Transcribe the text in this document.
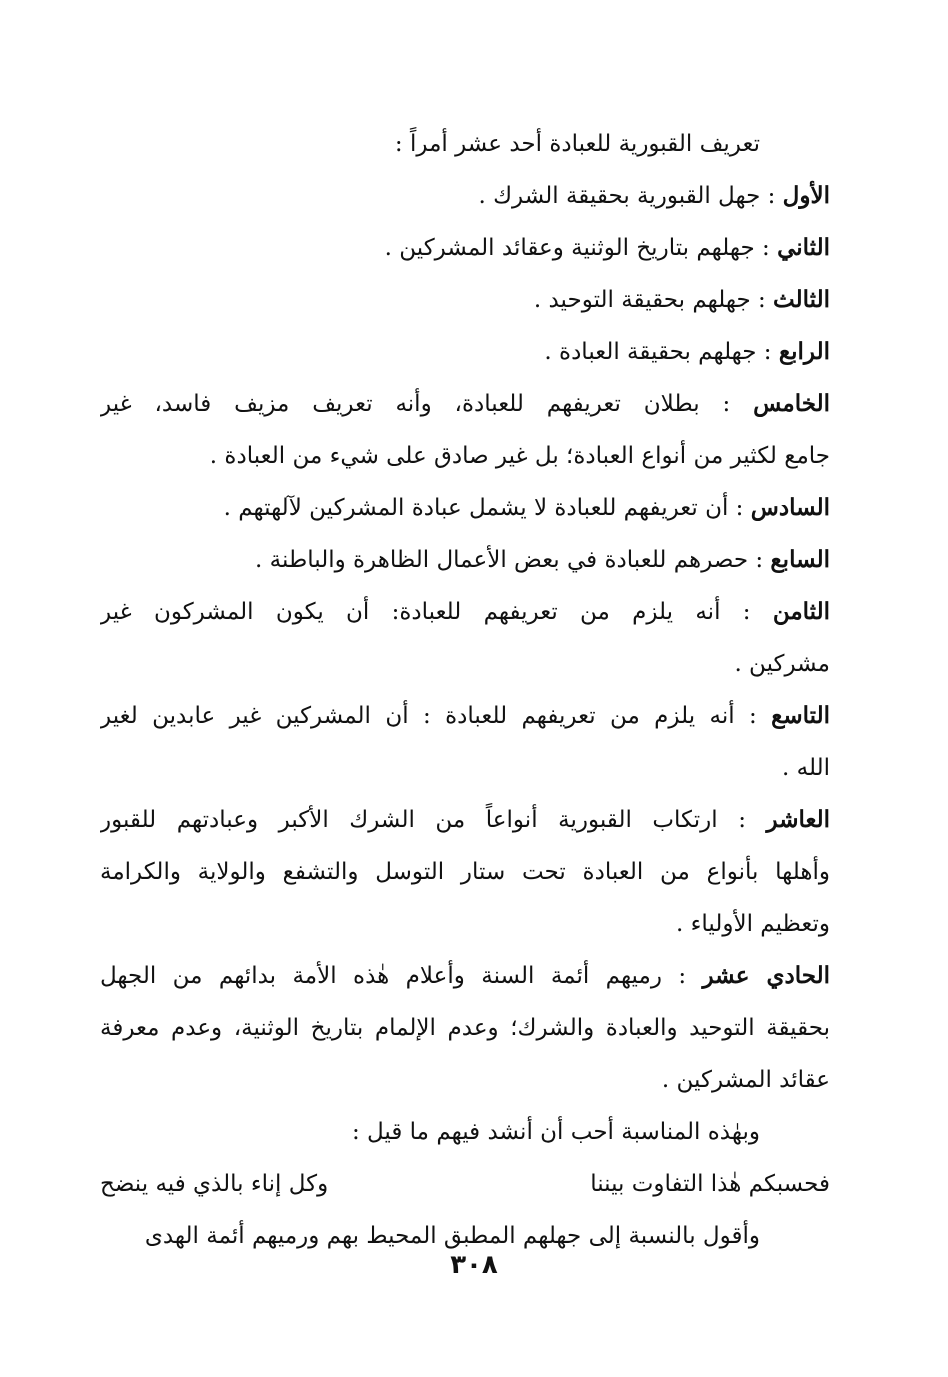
تعريف القبورية للعبادة أحد عشر أمراً :
الأول : جهل القبورية بحقيقة الشرك .
الثاني : جهلهم بتاريخ الوثنية وعقائد المشركين .
الثالث : جهلهم بحقيقة التوحيد .
الرابع : جهلهم بحقيقة العبادة .
الخامس : بطلان تعريفهم للعبادة، وأنه تعريف مزيف فاسد، غير
جامع لكثير من أنواع العبادة؛ بل غير صادق على شيء من العبادة .
السادس : أن تعريفهم للعبادة لا يشمل عبادة المشركين لآلهتهم .
السابع : حصرهم للعبادة في بعض الأعمال الظاهرة والباطنة .
الثامن : أنه يلزم من تعريفهم للعبادة: أن يكون المشركون غير
مشركين .
التاسع : أنه يلزم من تعريفهم للعبادة : أن المشركين غير عابدين لغير
الله .
العاشر : ارتكاب القبورية أنواعاً من الشرك الأكبر وعبادتهم للقبور
وأهلها بأنواع من العبادة تحت ستار التوسل والتشفع والولاية والكرامة
وتعظيم الأولياء .
الحادي عشر : رميهم أئمة السنة وأعلام هٰذه الأمة بدائهم من الجهل
بحقيقة التوحيد والعبادة والشرك؛ وعدم الإلمام بتاريخ الوثنية، وعدم معرفة
عقائد المشركين .
وبهٰذه المناسبة أحب أن أنشد فيهم ما قيل :
فحسبكم هٰذا التفاوت بيننا
وكل إناء بالذي فيه ينضح
وأقول بالنسبة إلى جهلهم المطبق المحيط بهم ورميهم أئمة الهدى
٣٠٨
